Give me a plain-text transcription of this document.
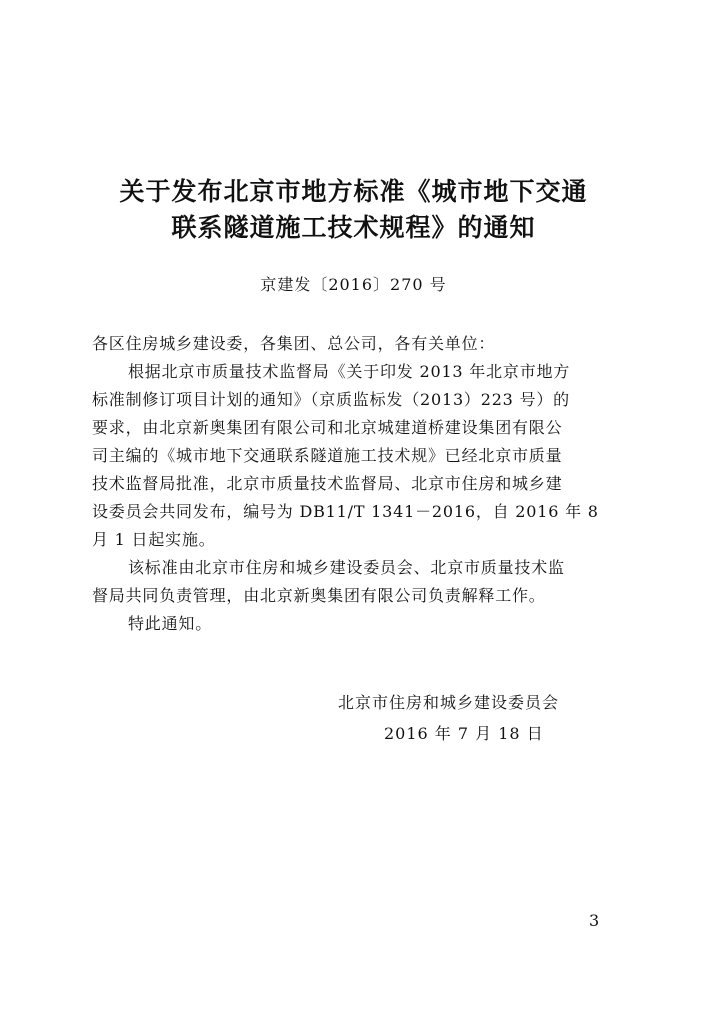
关于发布北京市地方标准《城市地下交通
联系隧道施工技术规程》的通知
京建发〔2016〕270 号
各区住房城乡建设委，各集团、总公司，各有关单位：
根据北京市质量技术监督局《关于印发 2013 年北京市地方
标准制修订项目计划的通知》（京质监标发（2013）223 号）的
要求，由北京新奥集团有限公司和北京城建道桥建设集团有限公
司主编的《城市地下交通联系隧道施工技术规》已经北京市质量
技术监督局批准，北京市质量技术监督局、北京市住房和城乡建
设委员会共同发布，编号为 DB11/T 1341－2016，自 2016 年 8
月 1 日起实施。
该标准由北京市住房和城乡建设委员会、北京市质量技术监
督局共同负责管理，由北京新奥集团有限公司负责解释工作。
特此通知。
北京市住房和城乡建设委员会
2016 年 7 月 18 日
3
